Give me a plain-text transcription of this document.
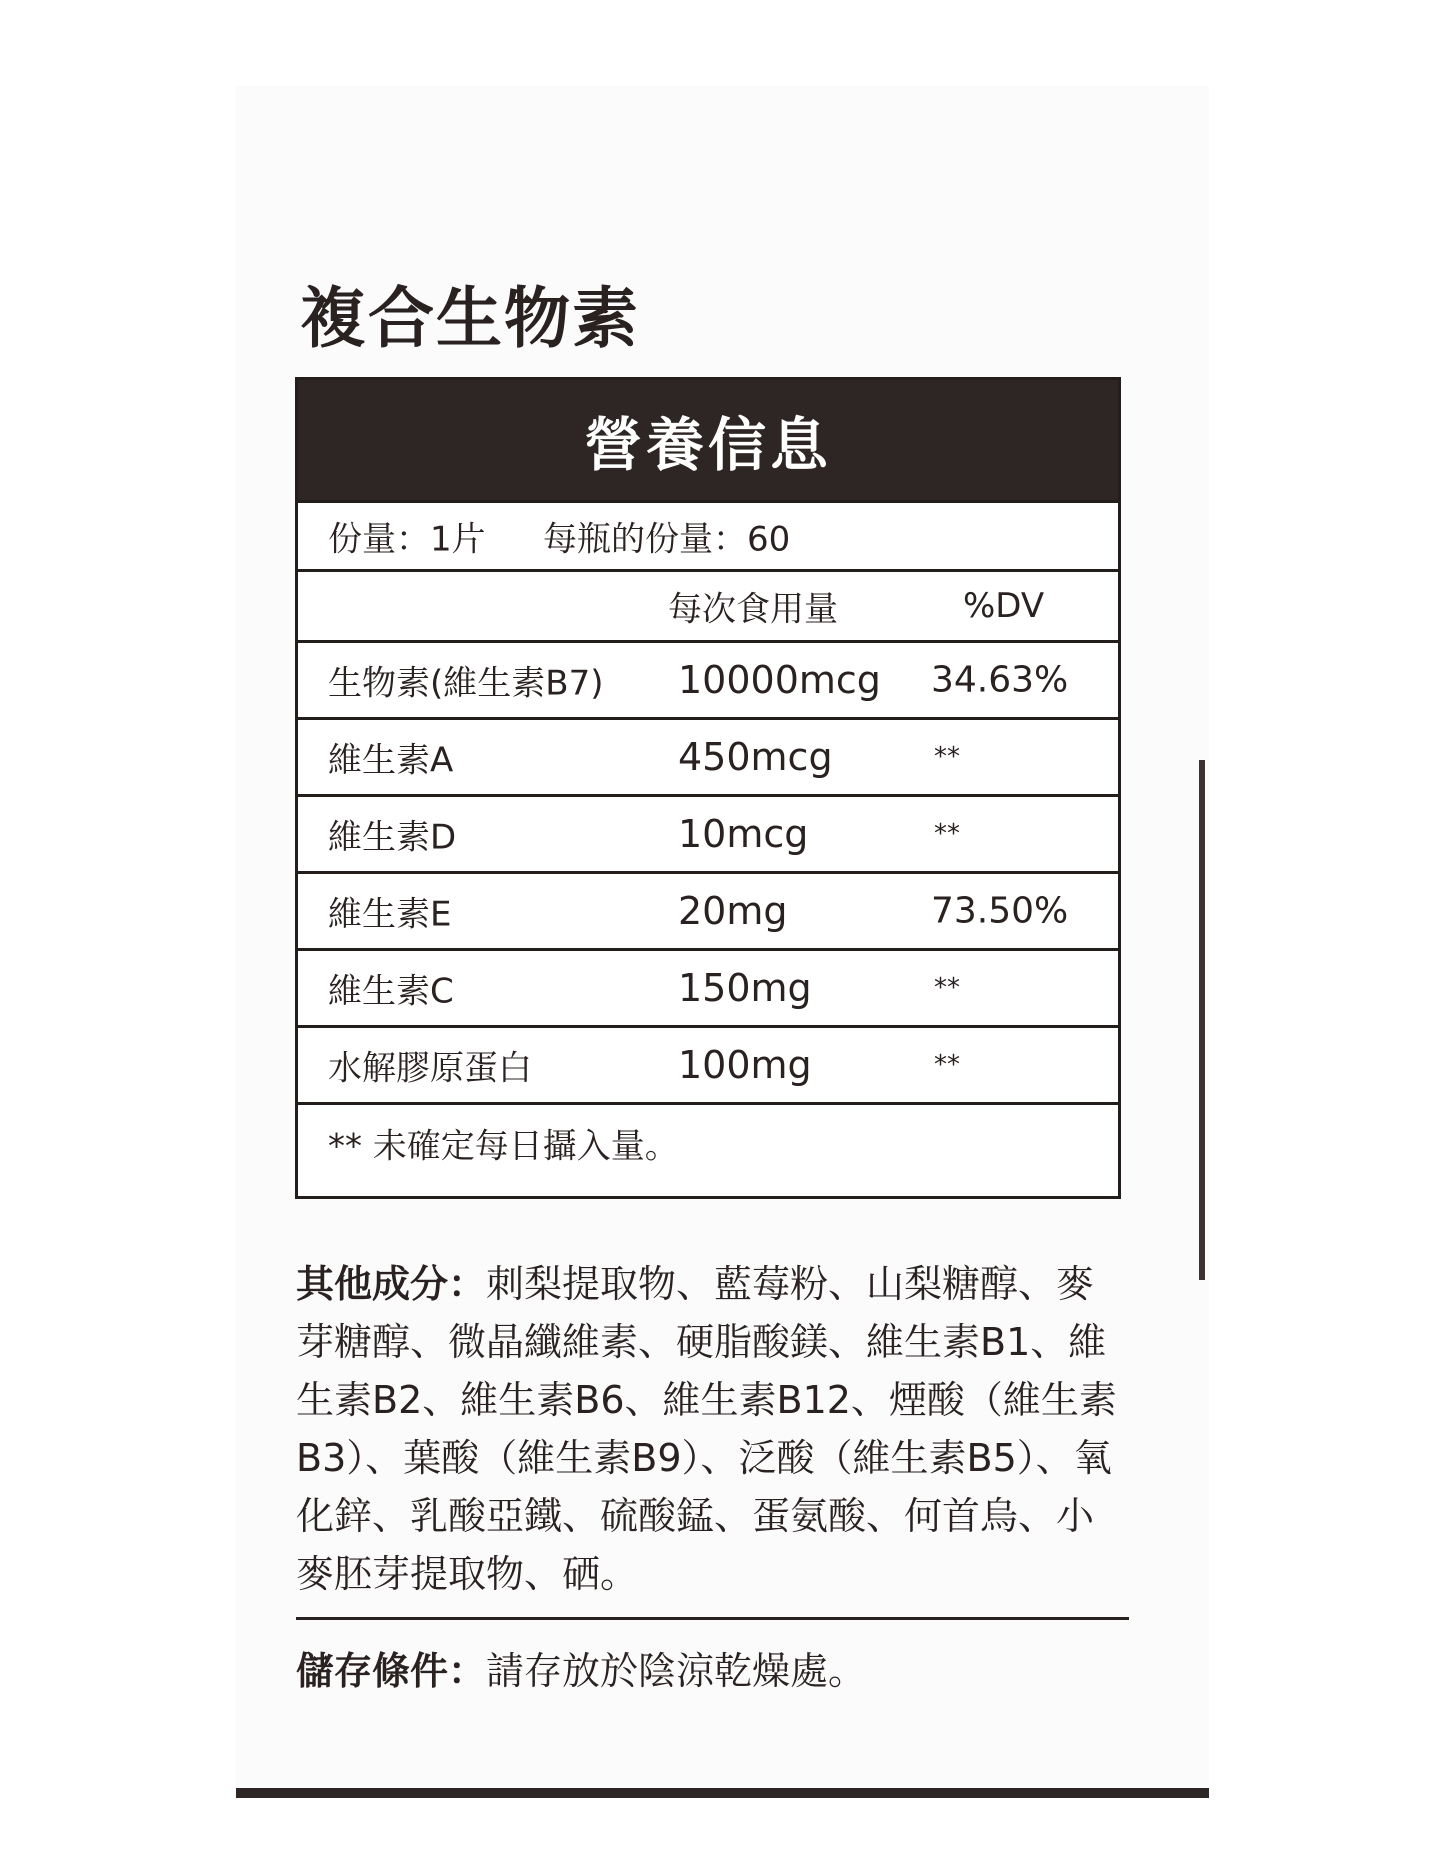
複合生物素
營養信息
份量：1片 每瓶的份量：60
每次食用量	%DV
生物素(維生素B7) 10000mcg 34.63%
維生素A	450mcg	**
維生素D	10mcg	**
維生素E	20mg	73.50%
維生素C	150mg	**
水解膠原蛋白	100mg	**
** 未確定每日攝入量。
其他成分：刺梨提取物、藍莓粉、山梨糖醇、麥芽糖醇、微晶纖維素、硬脂酸鎂、維生素B1、維生素B2、維生素B6、維生素B12、煙酸（維生素B3）、葉酸（維生素B9）、泛酸（維生素B5）、氧化鋅、乳酸亞鐵、硫酸錳、蛋氨酸、何首烏、小麥胚芽提取物、硒。
儲存條件：請存放於陰涼乾燥處。
